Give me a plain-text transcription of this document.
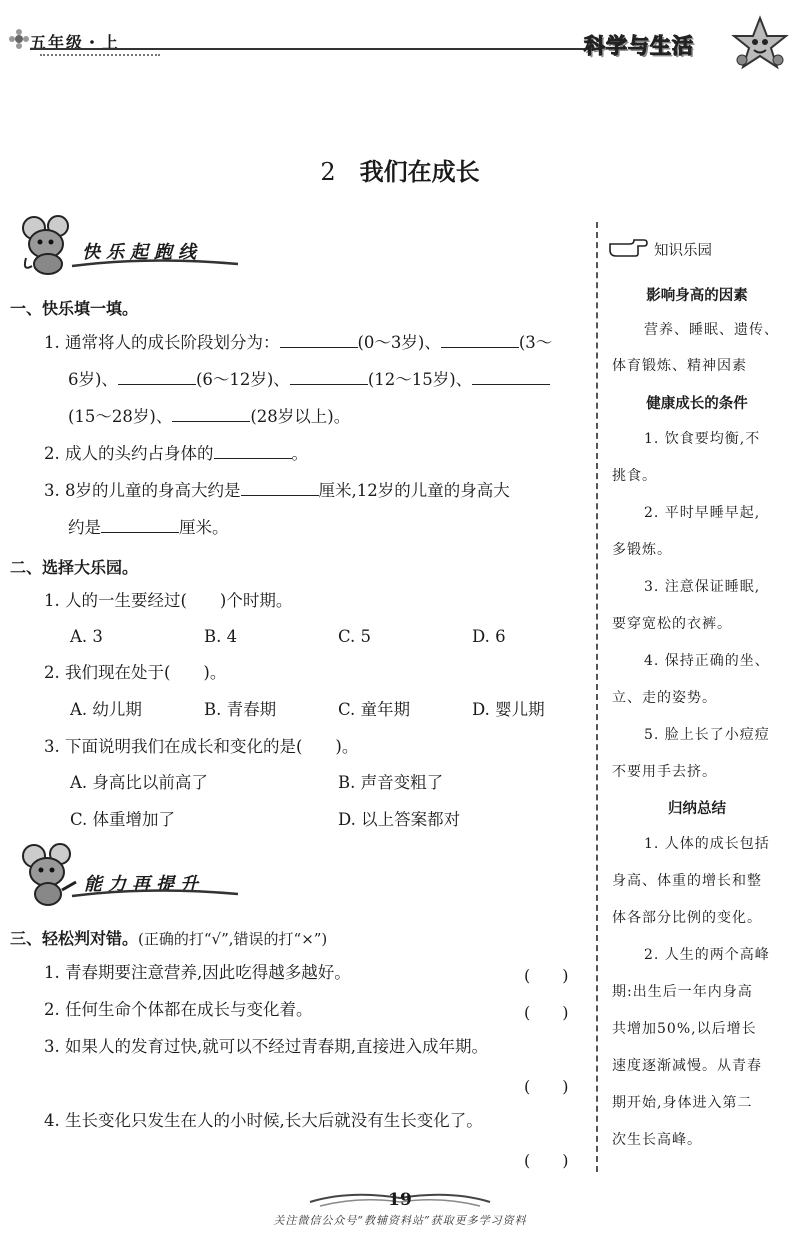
五年级・上	科学与生活
2 我们在成长
快乐起跑线
一、快乐填一填。
1. 通常将人的成长阶段划分为：	(0～3岁)、	(3～
6岁)、	(6～12岁)、	(12～15岁)、
(15～28岁)、	(28岁以上)。
2. 成人的头约占身体的	。
3. 8岁的儿童的身高大约是	厘米,12岁的儿童的身高大
约是	厘米。
二、选择大乐园。
1. 人的一生要经过(　　)个时期。
A. 3	B. 4	C. 5	D. 6
2. 我们现在处于(　　)。
A. 幼儿期	B. 青春期	C. 童年期	D. 婴儿期
3. 下面说明我们在成长和变化的是(　　)。
A. 身高比以前高了	B. 声音变粗了
C. 体重增加了	D. 以上答案都对
能力再提升
三、轻松判对错。(正确的打“√”,错误的打“×”)
1. 青春期要注意营养,因此吃得越多越好。	(　　)
2. 任何生命个体都在成长与变化着。	(　　)
3. 如果人的发育过快,就可以不经过青春期,直接进入成年期。
(　　)
4. 生长变化只发生在人的小时候,长大后就没有生长变化了。
(　　)
知识乐园
影响身高的因素
营养、睡眠、遗传、
体育锻炼、精神因素
健康成长的条件
1. 饮食要均衡,不
挑食。
2. 平时早睡早起,
多锻炼。
3. 注意保证睡眠,
要穿宽松的衣裤。
4. 保持正确的坐、
立、走的姿势。
5. 脸上长了小痘痘
不要用手去挤。
归纳总结
1. 人体的成长包括
身高、体重的增长和整
体各部分比例的变化。
2. 人生的两个高峰
期:出生后一年内身高
共增加50%,以后增长
速度逐渐减慢。从青春
期开始,身体进入第二
次生长高峰。
19
关注微信公众号“教辅资料站”获取更多学习资料
